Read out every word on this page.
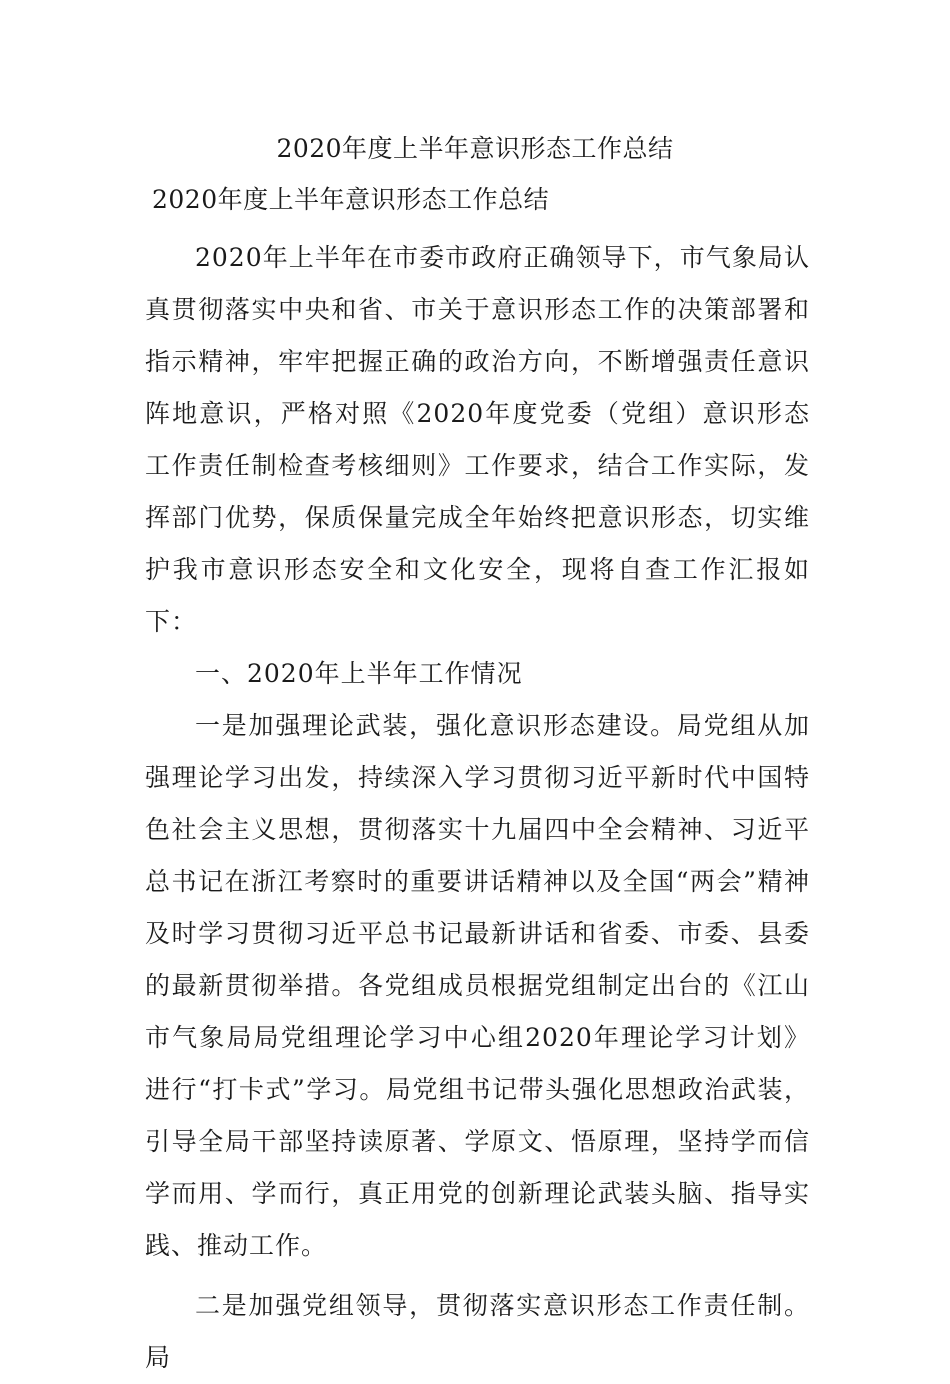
2020年度上半年意识形态工作总结
2020年度上半年意识形态工作总结

2020年上半年在市委市政府正确领导下，市气象局认真贯彻落实中央和省、市关于意识形态工作的决策部署和指示精神，牢牢把握正确的政治方向，不断增强责任意识阵地意识，严格对照《2020年度党委（党组）意识形态工作责任制检查考核细则》工作要求，结合工作实际，发挥部门优势，保质保量完成全年始终把意识形态，切实维护我市意识形态安全和文化安全，现将自查工作汇报如下：

一、2020年上半年工作情况

一是加强理论武装，强化意识形态建设。局党组从加强理论学习出发，持续深入学习贯彻习近平新时代中国特色社会主义思想，贯彻落实十九届四中全会精神、习近平总书记在浙江考察时的重要讲话精神以及全国“两会”精神及时学习贯彻习近平总书记最新讲话和省委、市委、县委的最新贯彻举措。各党组成员根据党组制定出台的《江山市气象局局党组理论学习中心组2020年理论学习计划》进行“打卡式”学习。局党组书记带头强化思想政治武装，引导全局干部坚持读原著、学原文、悟原理，坚持学而信学而用、学而行，真正用党的创新理论武装头脑、指导实践、推动工作。

二是加强党组领导，贯彻落实意识形态工作责任制。局
